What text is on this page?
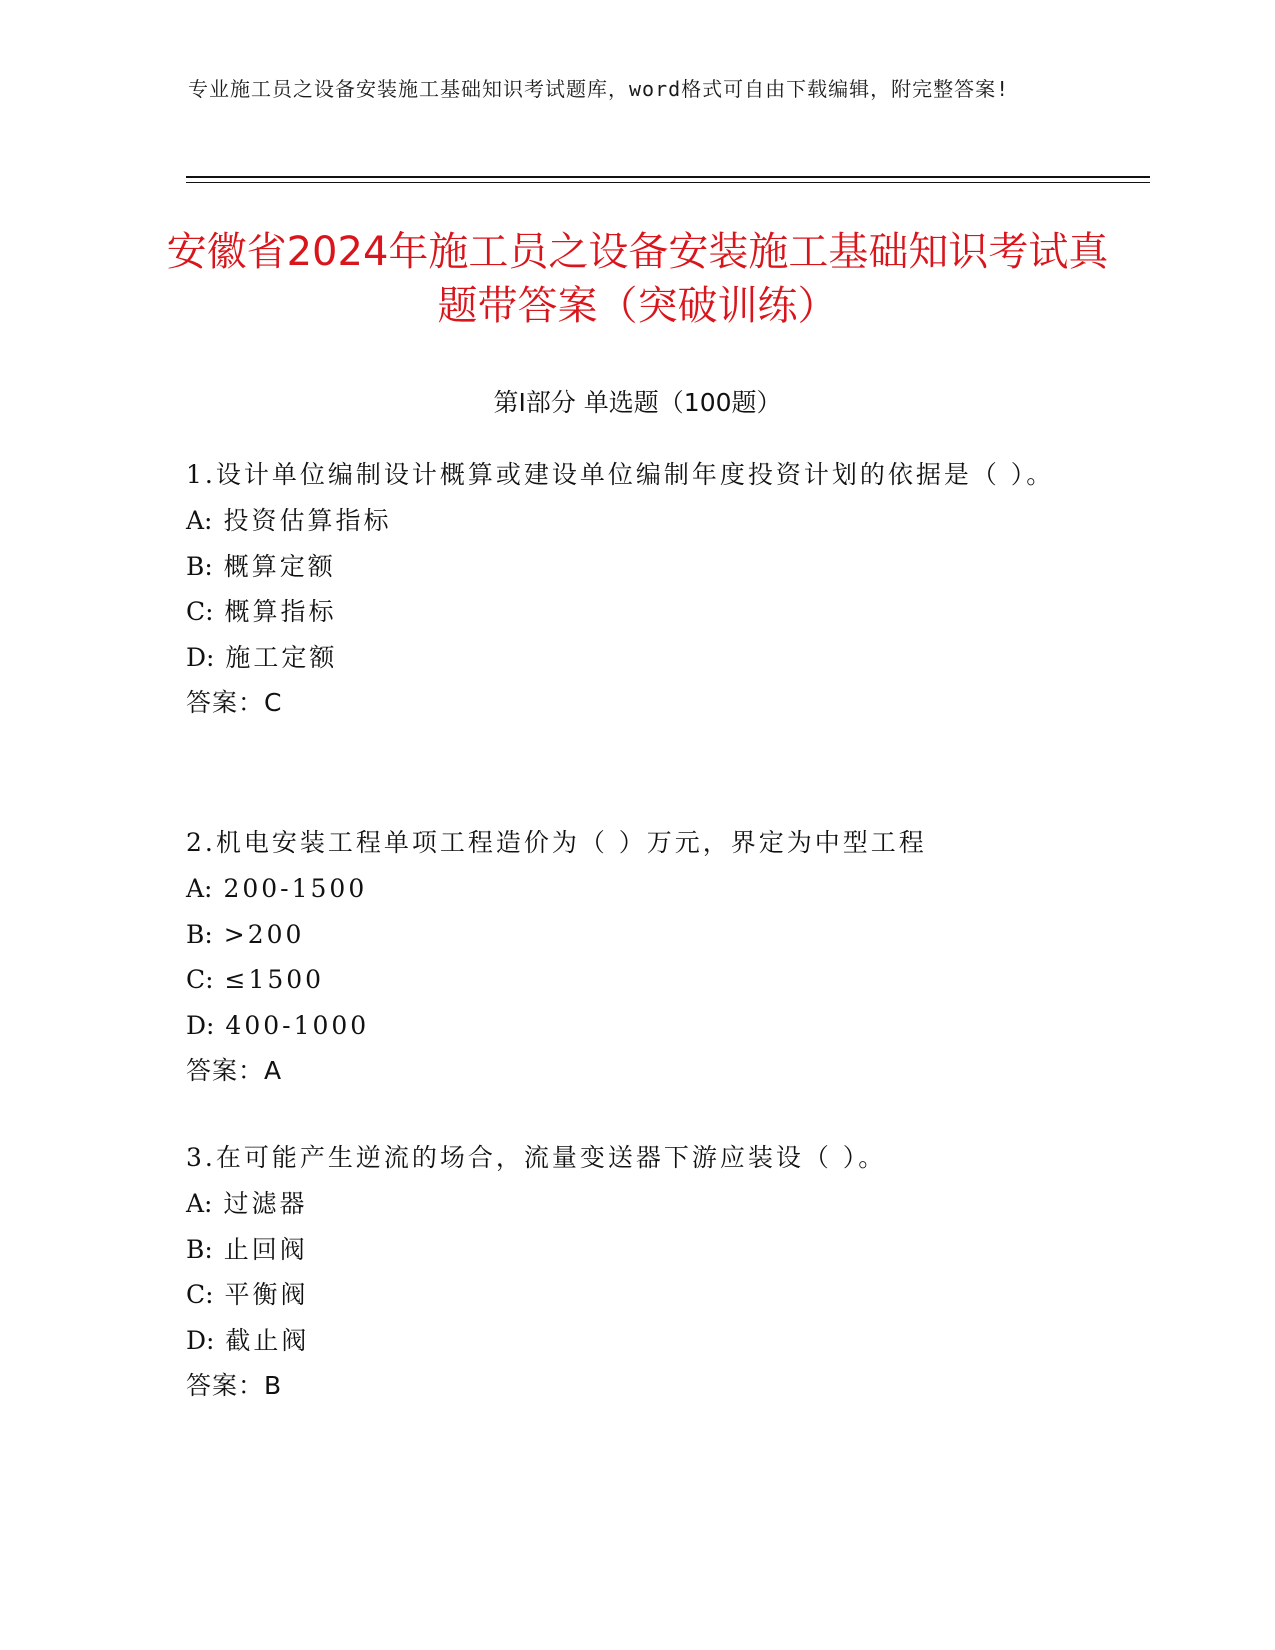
专业施工员之设备安装施工基础知识考试题库，word格式可自由下载编辑，附完整答案!
安徽省2024年施工员之设备安装施工基础知识考试真题带答案（突破训练）
第Ⅰ部分 单选题（100题）

1.设计单位编制设计概算或建设单位编制年度投资计划的依据是（ ）。

A: 投资估算指标

B: 概算定额

C: 概算指标

D: 施工定额

答案：C

2.机电安装工程单项工程造价为（ ）万元，界定为中型工程

A: 200-1500

B: >200

C: ≤1500

D: 400-1000

答案：A

3.在可能产生逆流的场合，流量变送器下游应装设（ ）。

A: 过滤器

B: 止回阀

C: 平衡阀

D: 截止阀

答案：B
